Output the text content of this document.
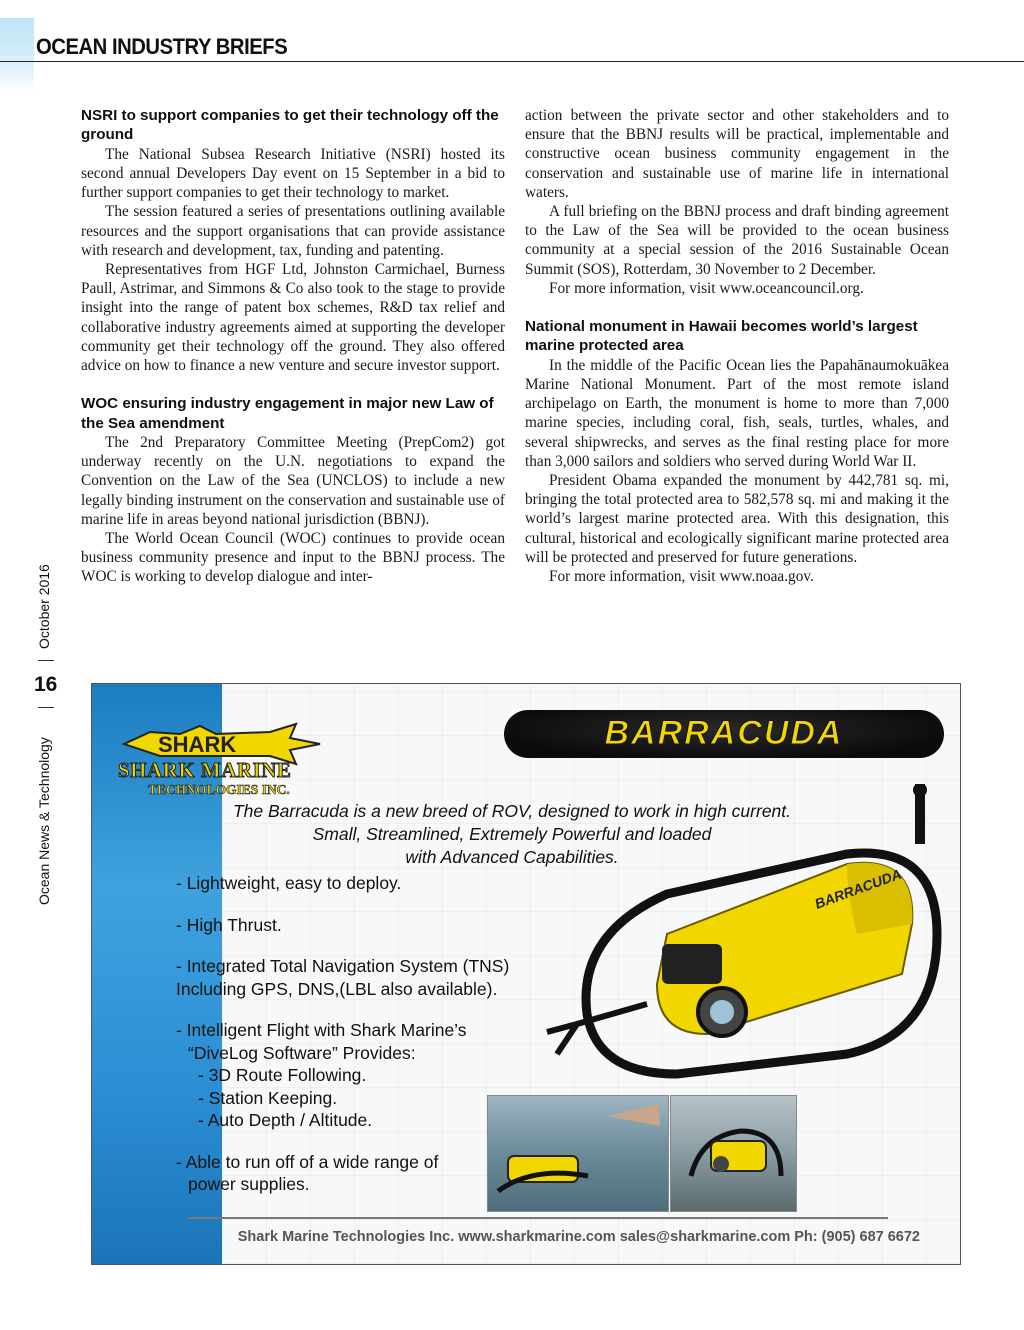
OCEAN INDUSTRY BRIEFS
NSRI to support companies to get their technology off the ground

The National Subsea Research Initiative (NSRI) hosted its second annual Developers Day event on 15 September in a bid to further support companies to get their technology to market.

The session featured a series of presentations outlining available resources and the support organisations that can provide assistance with research and development, tax, funding and patenting.

Representatives from HGF Ltd, Johnston Carmichael, Burness Paull, Astrimar, and Simmons & Co also took to the stage to provide insight into the range of patent box schemes, R&D tax relief and collaborative industry agreements aimed at supporting the developer community get their technology off the ground. They also offered advice on how to finance a new venture and secure investor support.

WOC ensuring industry engagement in major new Law of the Sea amendment

The 2nd Preparatory Committee Meeting (PrepCom2) got underway recently on the U.N. negotiations to expand the Convention on the Law of the Sea (UNCLOS) to include a new legally binding instrument on the conservation and sustainable use of marine life in areas beyond national jurisdiction (BBNJ).

The World Ocean Council (WOC) continues to provide ocean business community presence and input to the BBNJ process. The WOC is working to develop dialogue and inter-

action between the private sector and other stakeholders and to ensure that the BBNJ results will be practical, implementable and constructive ocean business community engagement in the conservation and sustainable use of marine life in international waters.

A full briefing on the BBNJ process and draft binding agreement to the Law of the Sea will be provided to the ocean business community at a special session of the 2016 Sustainable Ocean Summit (SOS), Rotterdam, 30 November to 2 December.

For more information, visit www.oceancouncil.org.

National monument in Hawaii becomes world’s largest marine protected area

In the middle of the Pacific Ocean lies the Papahānaumokuākea Marine National Monument. Part of the most remote island archipelago on Earth, the monument is home to more than 7,000 marine species, including coral, fish, seals, turtles, whales, and several shipwrecks, and serves as the final resting place for more than 3,000 sailors and soldiers who served during World War II.

President Obama expanded the monument by 442,781 sq. mi, bringing the total protected area to 582,578 sq. mi and making it the world’s largest marine protected area. With this designation, this cultural, historical and ecologically significant marine protected area will be protected and preserved for future generations.

For more information, visit www.noaa.gov.

October 2016
16
Ocean News & Technology	SHARK
SHARK MARINE
TECHNOLOGIES INC.
BARRACUDA
The Barracuda is a new breed of ROV, designed to work in high current.
Small, Streamlined, Extremely Powerful and loaded
with Advanced Capabilities.
- Lightweight, easy to deploy.
- High Thrust.
- Integrated Total Navigation System (TNS)
Including GPS, DNS,(LBL also available).
- Intelligent Flight with Shark Marine’s
“DiveLog Software” Provides:
- 3D Route Following.
- Station Keeping.
- Auto Depth / Altitude.
- Able to run off of a wide range of
power supplies.
BARRACUDA
Shark Marine Technologies Inc. www.sharkmarine.com sales@sharkmarine.com Ph: (905) 687 6672
